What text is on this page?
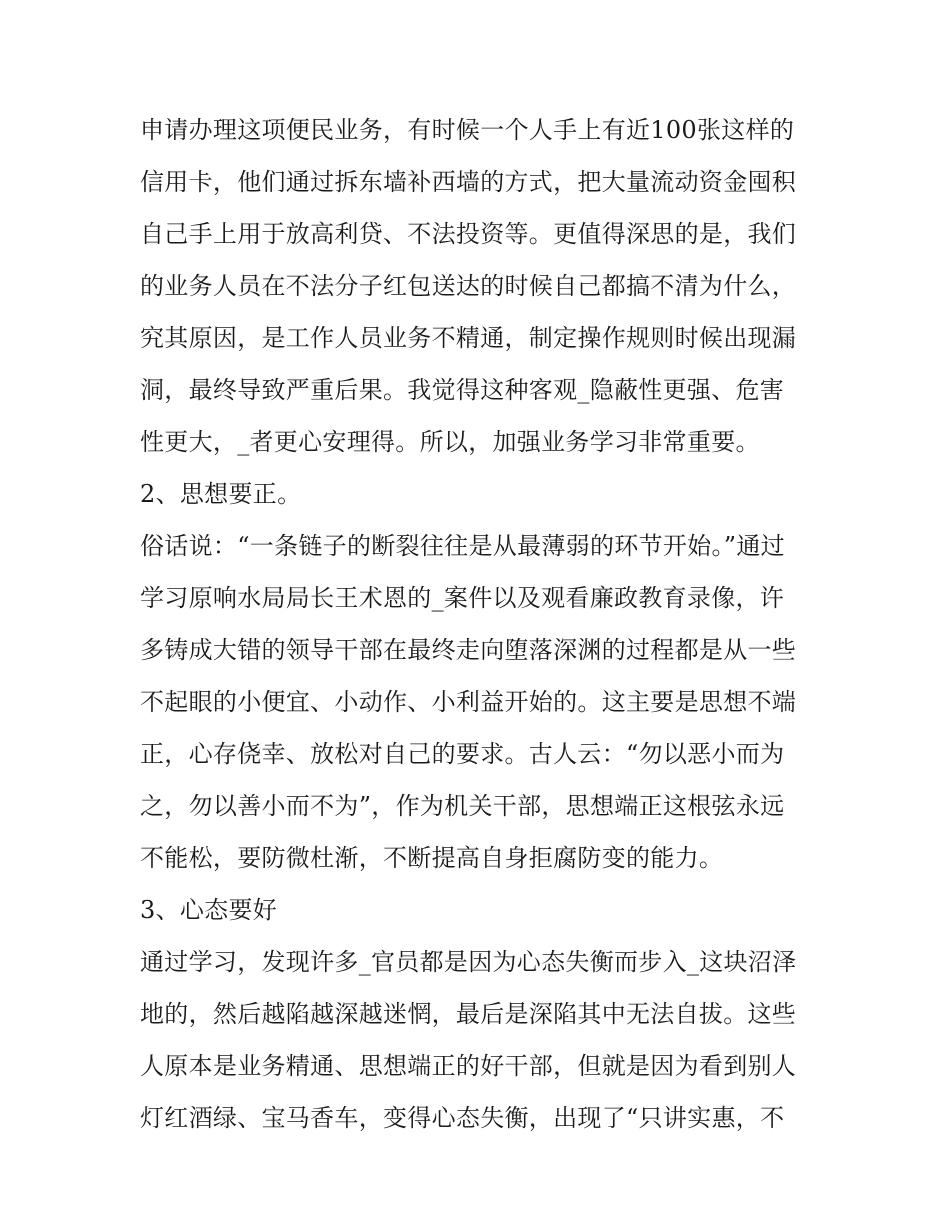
申请办理这项便民业务，有时候一个人手上有近100张这样的
信用卡，他们通过拆东墙补西墙的方式，把大量流动资金囤积
自己手上用于放高利贷、不法投资等。更值得深思的是，我们
的业务人员在不法分子红包送达的时候自己都搞不清为什么，
究其原因，是工作人员业务不精通，制定操作规则时候出现漏
洞，最终导致严重后果。我觉得这种客观_隐蔽性更强、危害
性更大，_者更心安理得。所以，加强业务学习非常重要。
2、思想要正。
俗话说：“一条链子的断裂往往是从最薄弱的环节开始。”通过
学习原响水局局长王术恩的_案件以及观看廉政教育录像，许
多铸成大错的领导干部在最终走向堕落深渊的过程都是从一些
不起眼的小便宜、小动作、小利益开始的。这主要是思想不端
正，心存侥幸、放松对自己的要求。古人云：“勿以恶小而为
之，勿以善小而不为”，作为机关干部，思想端正这根弦永远
不能松，要防微杜渐，不断提高自身拒腐防变的能力。
3、心态要好
通过学习，发现许多_官员都是因为心态失衡而步入_这块沼泽
地的，然后越陷越深越迷惘，最后是深陷其中无法自拔。这些
人原本是业务精通、思想端正的好干部，但就是因为看到别人
灯红酒绿、宝马香车，变得心态失衡，出现了“只讲实惠，不
